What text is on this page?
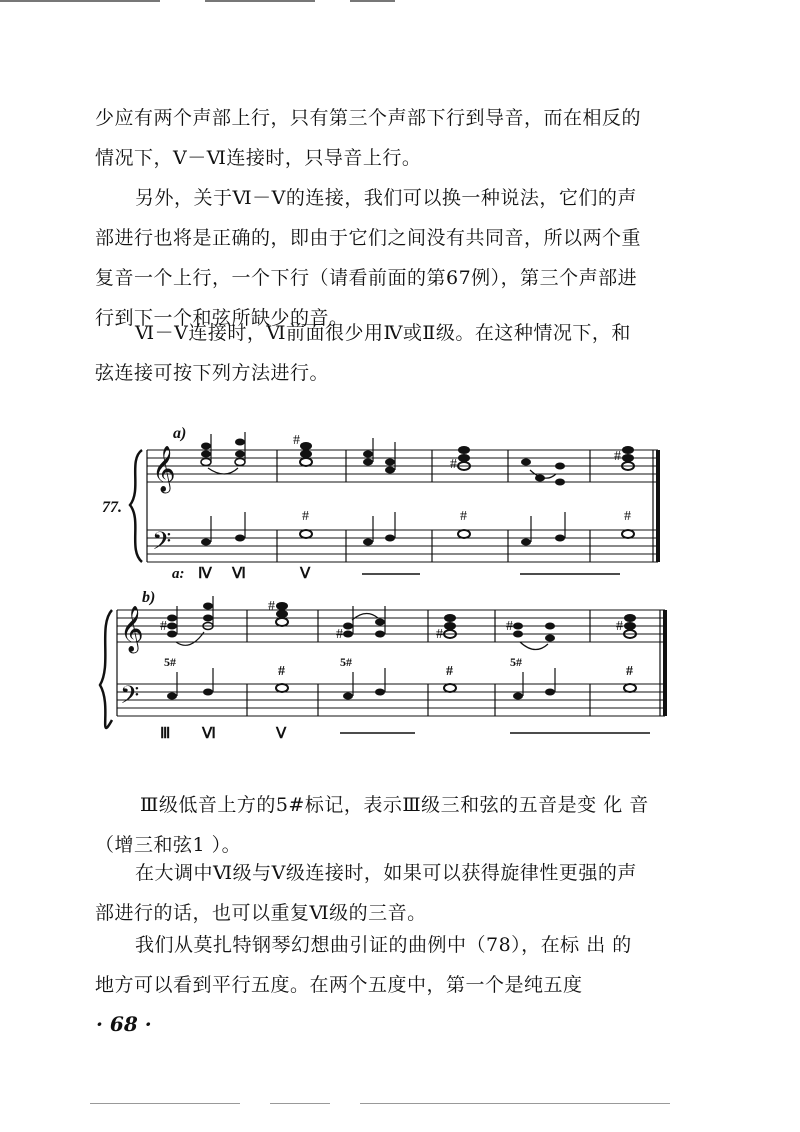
少应有两个声部上行，只有第三个声部下行到导音，而在相反的
情况下，Ⅴ－Ⅵ连接时，只导音上行。

另外，关于Ⅵ－Ⅴ的连接，我们可以换一种说法，它们的声
部进行也将是正确的，即由于它们之间没有共同音，所以两个重
复音一个上行，一个下行（请看前面的第67例），第三个声部进
行到下一个和弦所缺少的音。

Ⅵ－Ⅴ连接时，Ⅵ前面很少用Ⅳ或Ⅱ级。在这种情况下，和
弦连接可按下列方法进行。

77.
a)
𝄞
𝄢
#
#
#
#	#	#
a: Ⅳ Ⅵ	Ⅴ
b)
𝄞
𝄢
#
#
#	#
#	#
5#	5#	5#
#	#	#
Ⅲ Ⅵ	Ⅴ

Ⅲ级低音上方的5#标记，表示Ⅲ级三和弦的五音是变 化 音
（增三和弦1 ）。

在大调中Ⅵ级与Ⅴ级连接时，如果可以获得旋律性更强的声
部进行的话，也可以重复Ⅵ级的三音。

我们从莫扎特钢琴幻想曲引证的曲例中（78），在标 出 的
地方可以看到平行五度。在两个五度中，第一个是纯五度

· 68 ·
